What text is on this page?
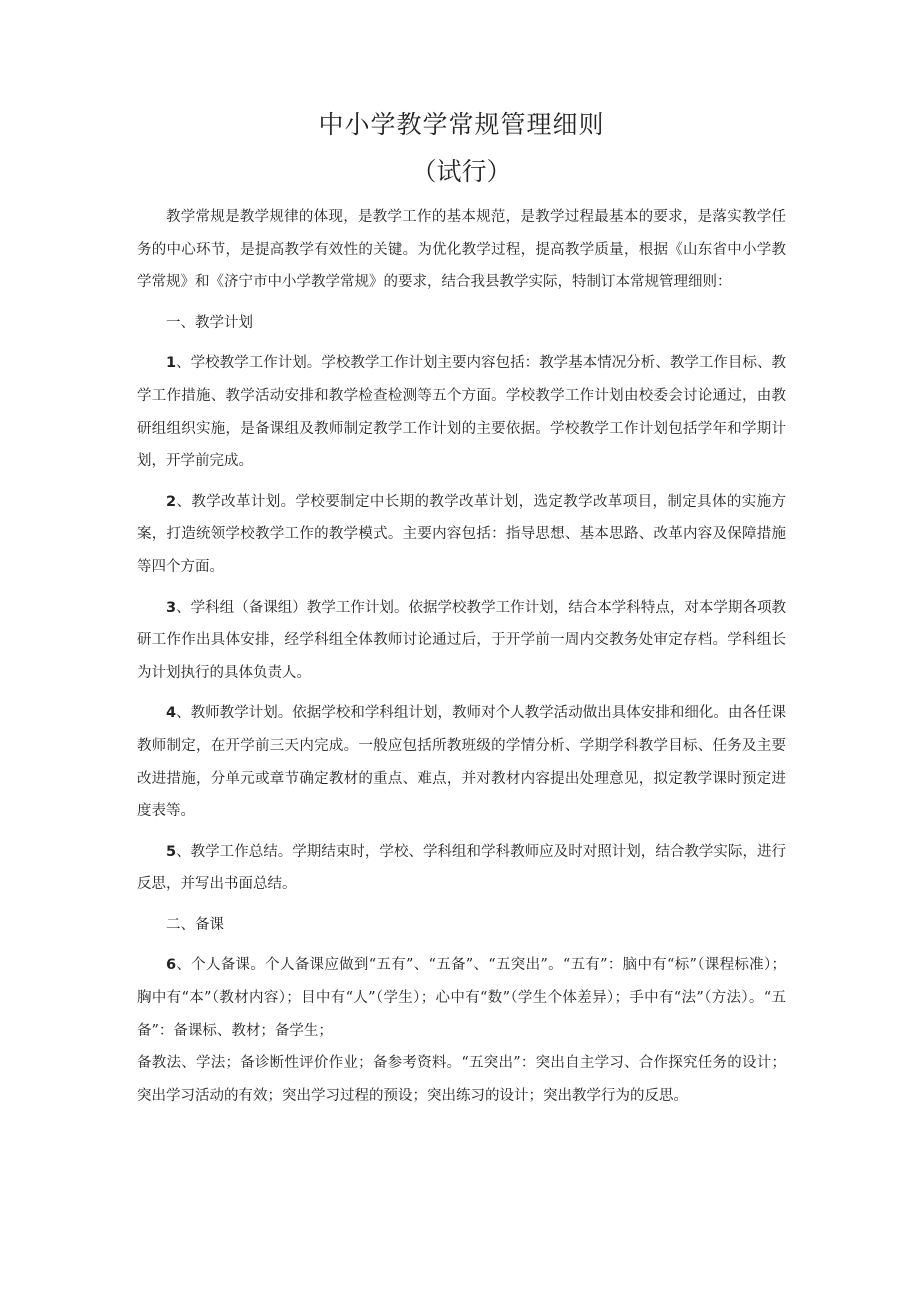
中小学教学常规管理细则
（试行）

教学常规是教学规律的体现，是教学工作的基本规范，是教学过程最基本的要求，是落实教学任务的中心环节，是提高教学有效性的关键。为优化教学过程，提高教学质量，根据《山东省中小学教学常规》和《济宁市中小学教学常规》的要求，结合我县教学实际，特制订本常规管理细则：

一、教学计划

1、学校教学工作计划。学校教学工作计划主要内容包括：教学基本情况分析、教学工作目标、教学工作措施、教学活动安排和教学检查检测等五个方面。学校教学工作计划由校委会讨论通过，由教研组组织实施，是备课组及教师制定教学工作计划的主要依据。学校教学工作计划包括学年和学期计划，开学前完成。

2、教学改革计划。学校要制定中长期的教学改革计划，选定教学改革项目，制定具体的实施方案，打造统领学校教学工作的教学模式。主要内容包括：指导思想、基本思路、改革内容及保障措施等四个方面。

3、学科组（备课组）教学工作计划。依据学校教学工作计划，结合本学科特点，对本学期各项教研工作作出具体安排，经学科组全体教师讨论通过后，于开学前一周内交教务处审定存档。学科组长为计划执行的具体负责人。

4、教师教学计划。依据学校和学科组计划，教师对个人教学活动做出具体安排和细化。由各任课教师制定，在开学前三天内完成。一般应包括所教班级的学情分析、学期学科教学目标、任务及主要改进措施，分单元或章节确定教材的重点、难点，并对教材内容提出处理意见，拟定教学课时预定进度表等。

5、教学工作总结。学期结束时，学校、学科组和学科教师应及时对照计划，结合教学实际，进行反思，并写出书面总结。

二、备课

6、个人备课。个人备课应做到“五有”、“五备”、“五突出”。“五有”：脑中有“标”（课程标准）；胸中有“本”（教材内容）；目中有“人”（学生）；心中有“数”（学生个体差异）；手中有“法”（方法）。“五备”：备课标、教材；备学生；

备教法、学法；备诊断性评价作业；备参考资料。“五突出”：突出自主学习、合作探究任务的设计；突出学习活动的有效；突出学习过程的预设；突出练习的设计；突出教学行为的反思。
